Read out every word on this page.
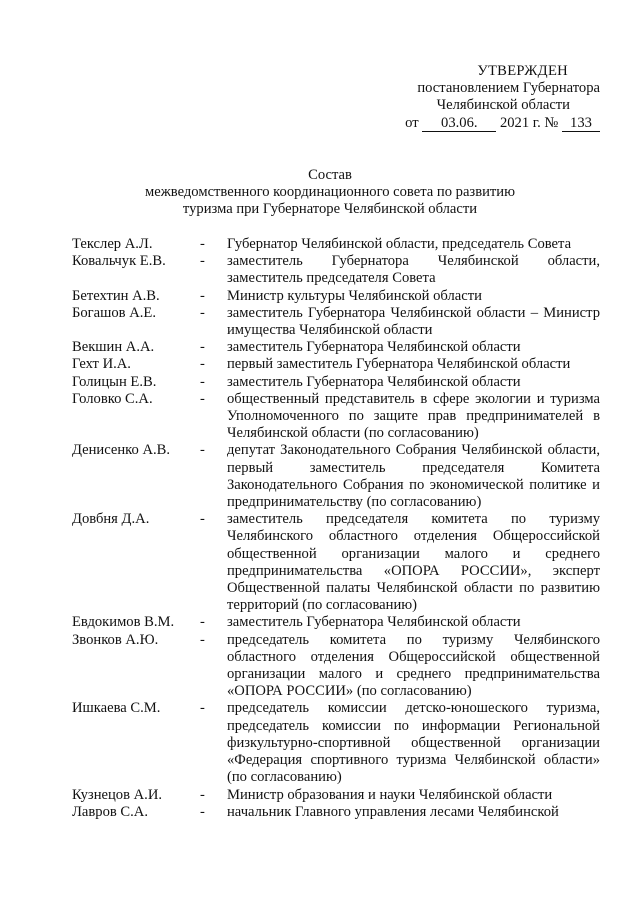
УТВЕРЖДЕН
постановлением Губернатора
Челябинской области
от 03.06. 2021 г. № 133
Состав
межведомственного координационного совета по развитию
туризма при Губернаторе Челябинской области
Текслер А.Л.	-	Губернатор Челябинской области, председатель Совета
Ковальчук Е.В.	-	заместитель Губернатора Челябинской области, заместитель председателя Совета
Бетехтин А.В.	-	Министр культуры Челябинской области
Богашов А.Е.	-	заместитель Губернатора Челябинской области – Министр имущества Челябинской области
Векшин А.А.	-	заместитель Губернатора Челябинской области
Гехт И.А.	-	первый заместитель Губернатора Челябинской области
Голицын Е.В.	-	заместитель Губернатора Челябинской области
Головко С.А.	-	общественный представитель в сфере экологии и туризма Уполномоченного по защите прав предпринимателей в Челябинской области (по согласованию)
Денисенко А.В.	-	депутат Законодательного Собрания Челябинской области, первый заместитель председателя Комитета Законодательного Собрания по экономической политике и предпринимательству (по согласованию)
Довбня Д.А.	-	заместитель председателя комитета по туризму Челябинского областного отделения Общероссийской общественной организации малого и среднего предпринимательства «ОПОРА РОССИИ», эксперт Общественной палаты Челябинской области по развитию территорий (по согласованию)
Евдокимов В.М.	-	заместитель Губернатора Челябинской области
Звонков А.Ю.	-	председатель комитета по туризму Челябинского областного отделения Общероссийской общественной организации малого и среднего предпринимательства «ОПОРА РОССИИ» (по согласованию)
Ишкаева С.М.	-	председатель комиссии детско-юношеского туризма, председатель комиссии по информации Региональной физкультурно-спортивной общественной организации «Федерация спортивного туризма Челябинской области» (по согласованию)
Кузнецов А.И.	-	Министр образования и науки Челябинской области
Лавров С.А.	-	начальник Главного управления лесами Челябинской
